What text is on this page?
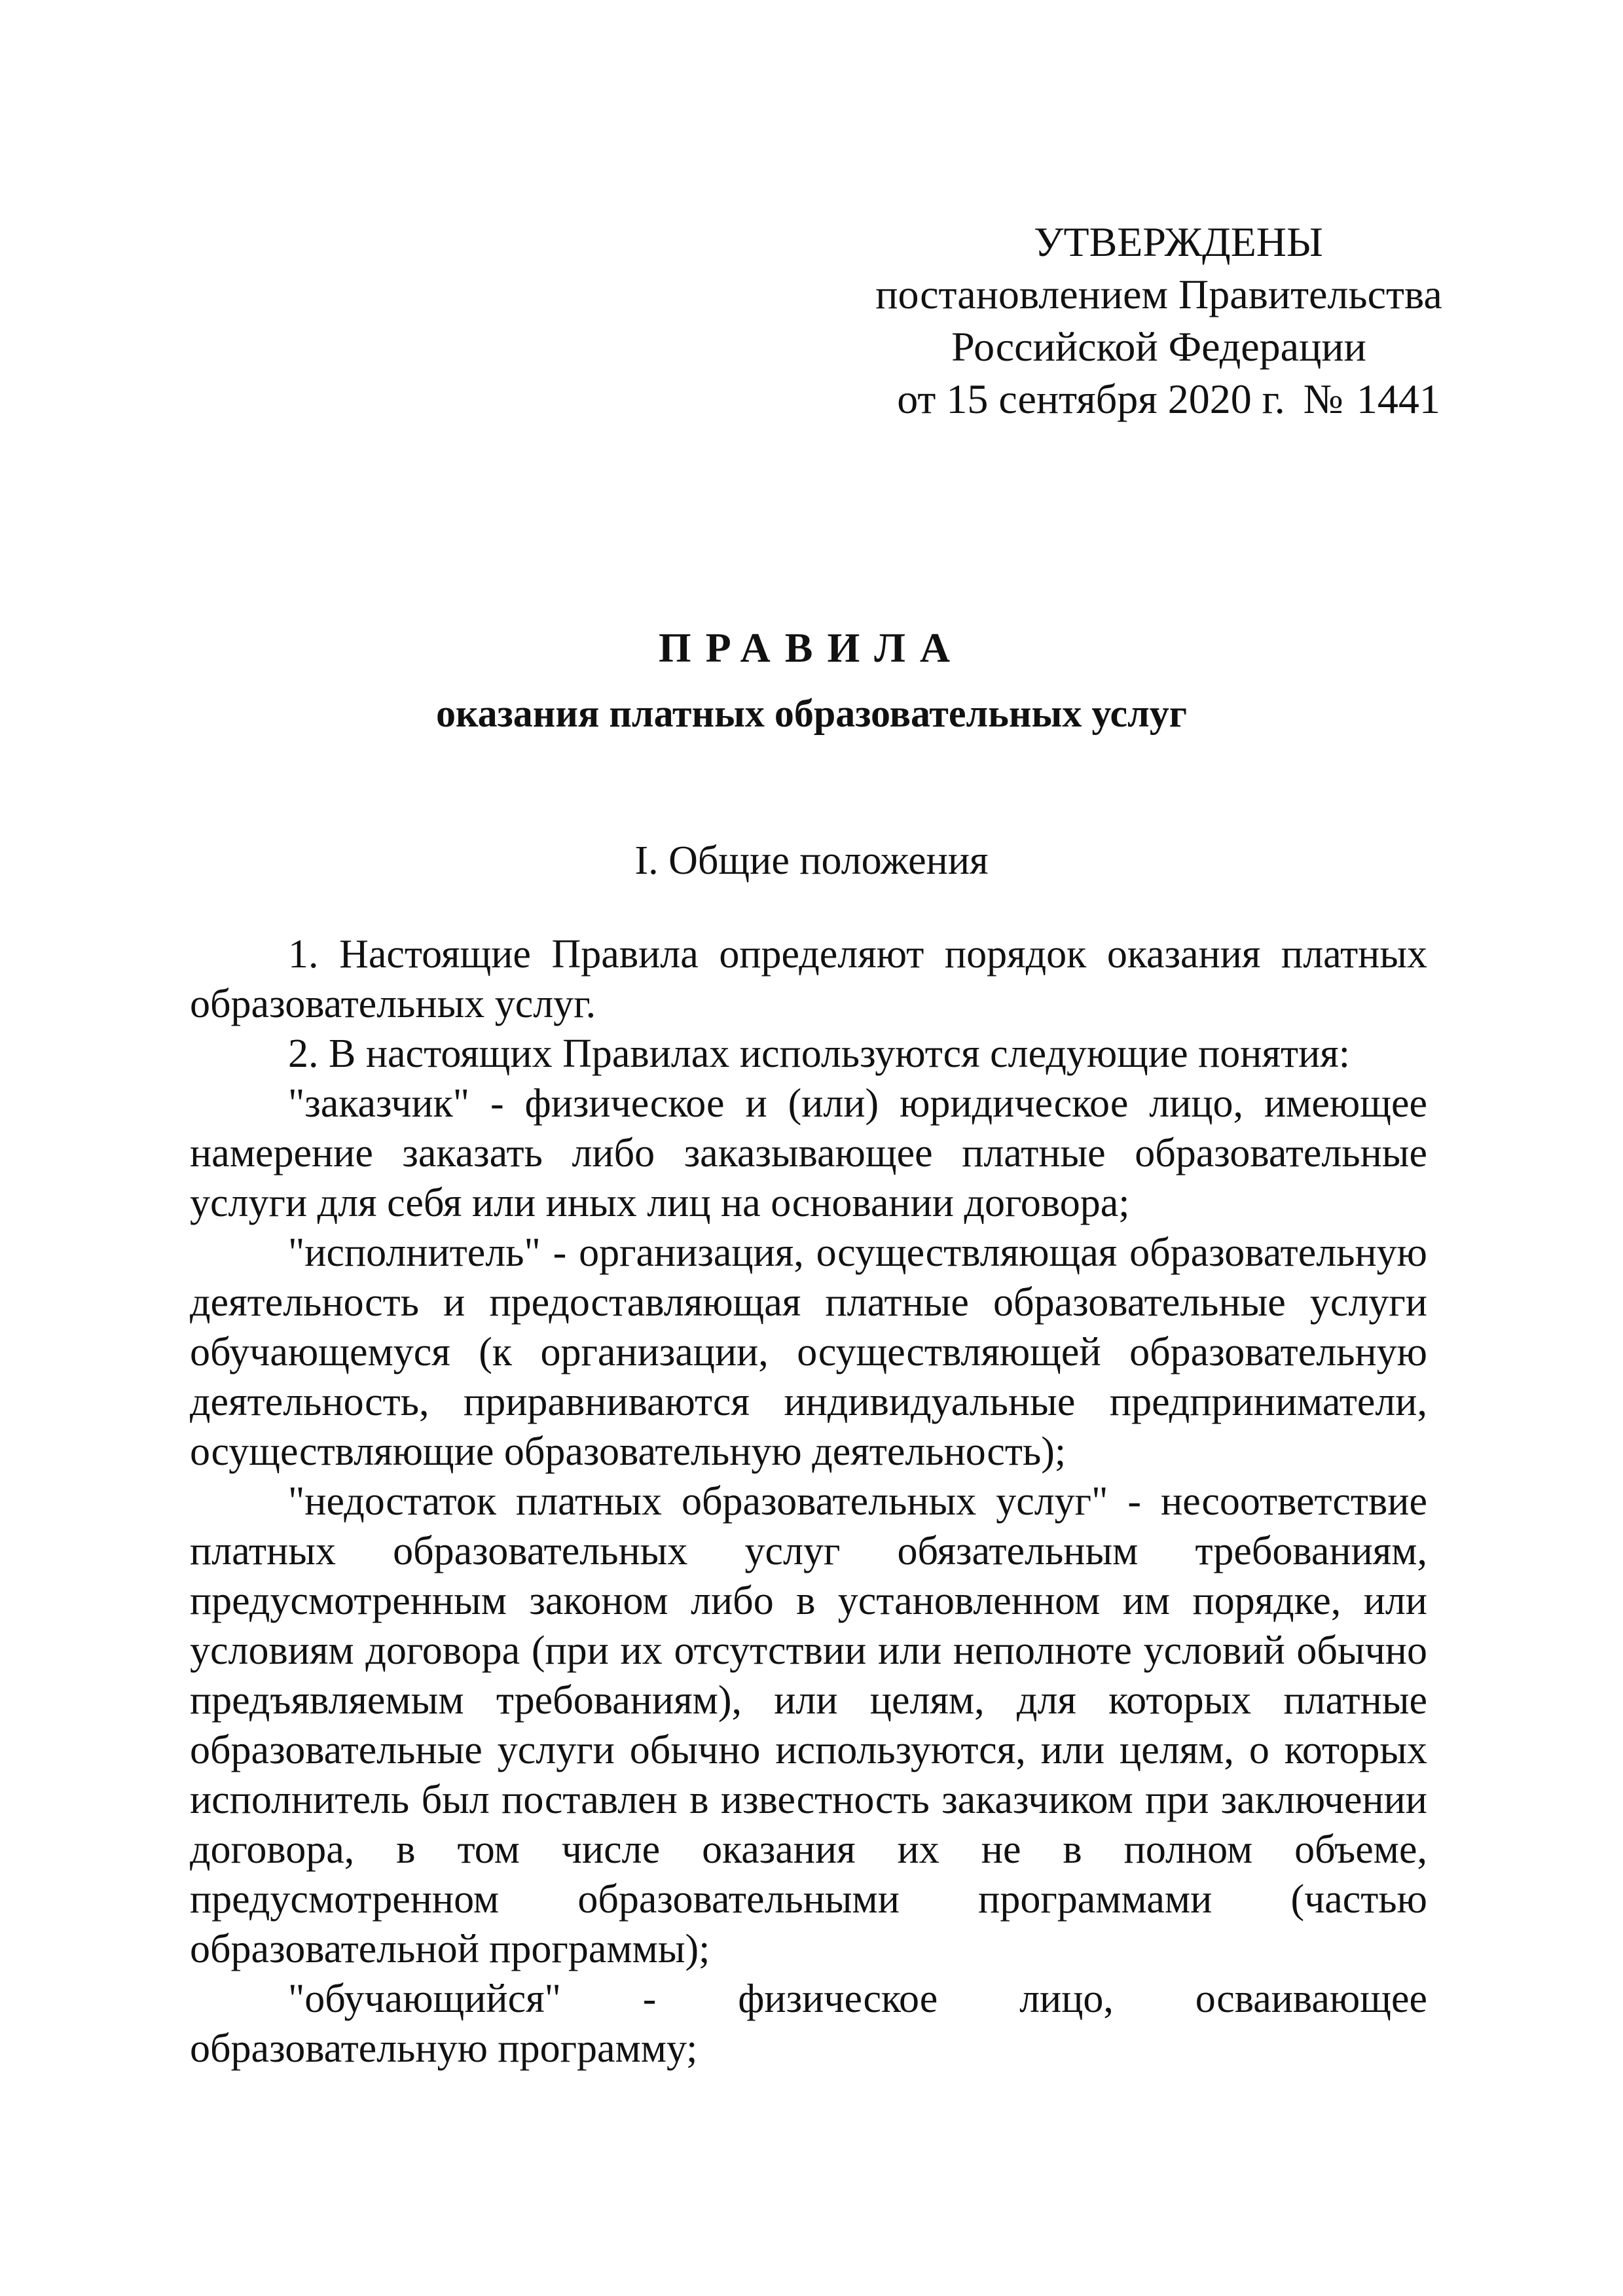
УТВЕРЖДЕНЫ
постановлением Правительства
Российской Федерации
от 15 сентября 2020 г. № 1441
ПРАВИЛА
оказания платных образовательных услуг
I. Общие положения

1. Настоящие Правила определяют порядок оказания платных образовательных услуг.

2. В настоящих Правилах используются следующие понятия:

"заказчик" - физическое и (или) юридическое лицо, имеющее намерение заказать либо заказывающее платные образовательные услуги для себя или иных лиц на основании договора;

"исполнитель" - организация, осуществляющая образовательную деятельность и предоставляющая платные образовательные услуги обучающемуся (к организации, осуществляющей образовательную деятельность, приравниваются индивидуальные предприниматели, осуществляющие образовательную деятельность);

"недостаток платных образовательных услуг" - несоответствие платных образовательных услуг обязательным требованиям, предусмотренным законом либо в установленном им порядке, или условиям договора (при их отсутствии или неполноте условий обычно предъявляемым требованиям), или целям, для которых платные образовательные услуги обычно используются, или целям, о которых исполнитель был поставлен в известность заказчиком при заключении договора, в том числе оказания их не в полном объеме, предусмотренном образовательными программами (частью образовательной программы);

"обучающийся" - физическое лицо, осваивающее образовательную программу;
